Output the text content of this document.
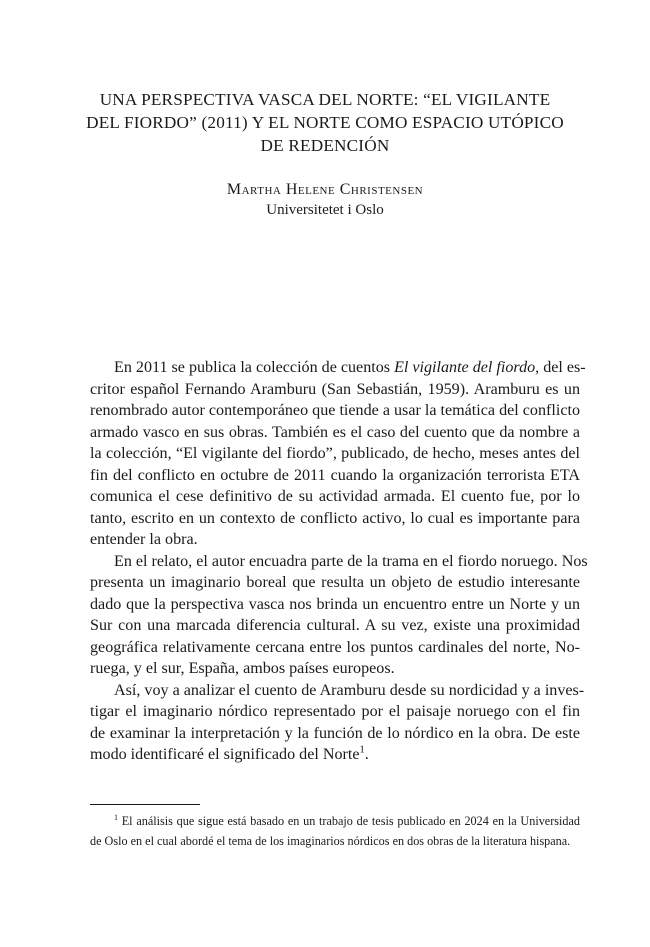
UNA PERSPECTIVA VASCA DEL NORTE: “EL VIGILANTE
DEL FIORDO” (2011) Y EL NORTE COMO ESPACIO UTÓPICO
DE REDENCIÓN
Martha Helene Christensen
Universitetet i Oslo
En 2011 se publica la colección de cuentos El vigilante del fiordo, del es-
critor español Fernando Aramburu (San Sebastián, 1959). Aramburu es un
renombrado autor contemporáneo que tiende a usar la temática del conflicto
armado vasco en sus obras. También es el caso del cuento que da nombre a
la colección, “El vigilante del fiordo”, publicado, de hecho, meses antes del
fin del conflicto en octubre de 2011 cuando la organización terrorista ETA
comunica el cese definitivo de su actividad armada. El cuento fue, por lo
tanto, escrito en un contexto de conflicto activo, lo cual es importante para
entender la obra.
En el relato, el autor encuadra parte de la trama en el fiordo noruego. Nos
presenta un imaginario boreal que resulta un objeto de estudio interesante
dado que la perspectiva vasca nos brinda un encuentro entre un Norte y un
Sur con una marcada diferencia cultural. A su vez, existe una proximidad
geográfica relativamente cercana entre los puntos cardinales del norte, No-
ruega, y el sur, España, ambos países europeos.
Así, voy a analizar el cuento de Aramburu desde su nordicidad y a inves-
tigar el imaginario nórdico representado por el paisaje noruego con el fin
de examinar la interpretación y la función de lo nórdico en la obra. De este
modo identificaré el significado del Norte$^1$.
$^1$ El análisis que sigue está basado en un trabajo de tesis publicado en 2024 en la Universidad
de Oslo en el cual abordé el tema de los imaginarios nórdicos en dos obras de la literatura hispana.
